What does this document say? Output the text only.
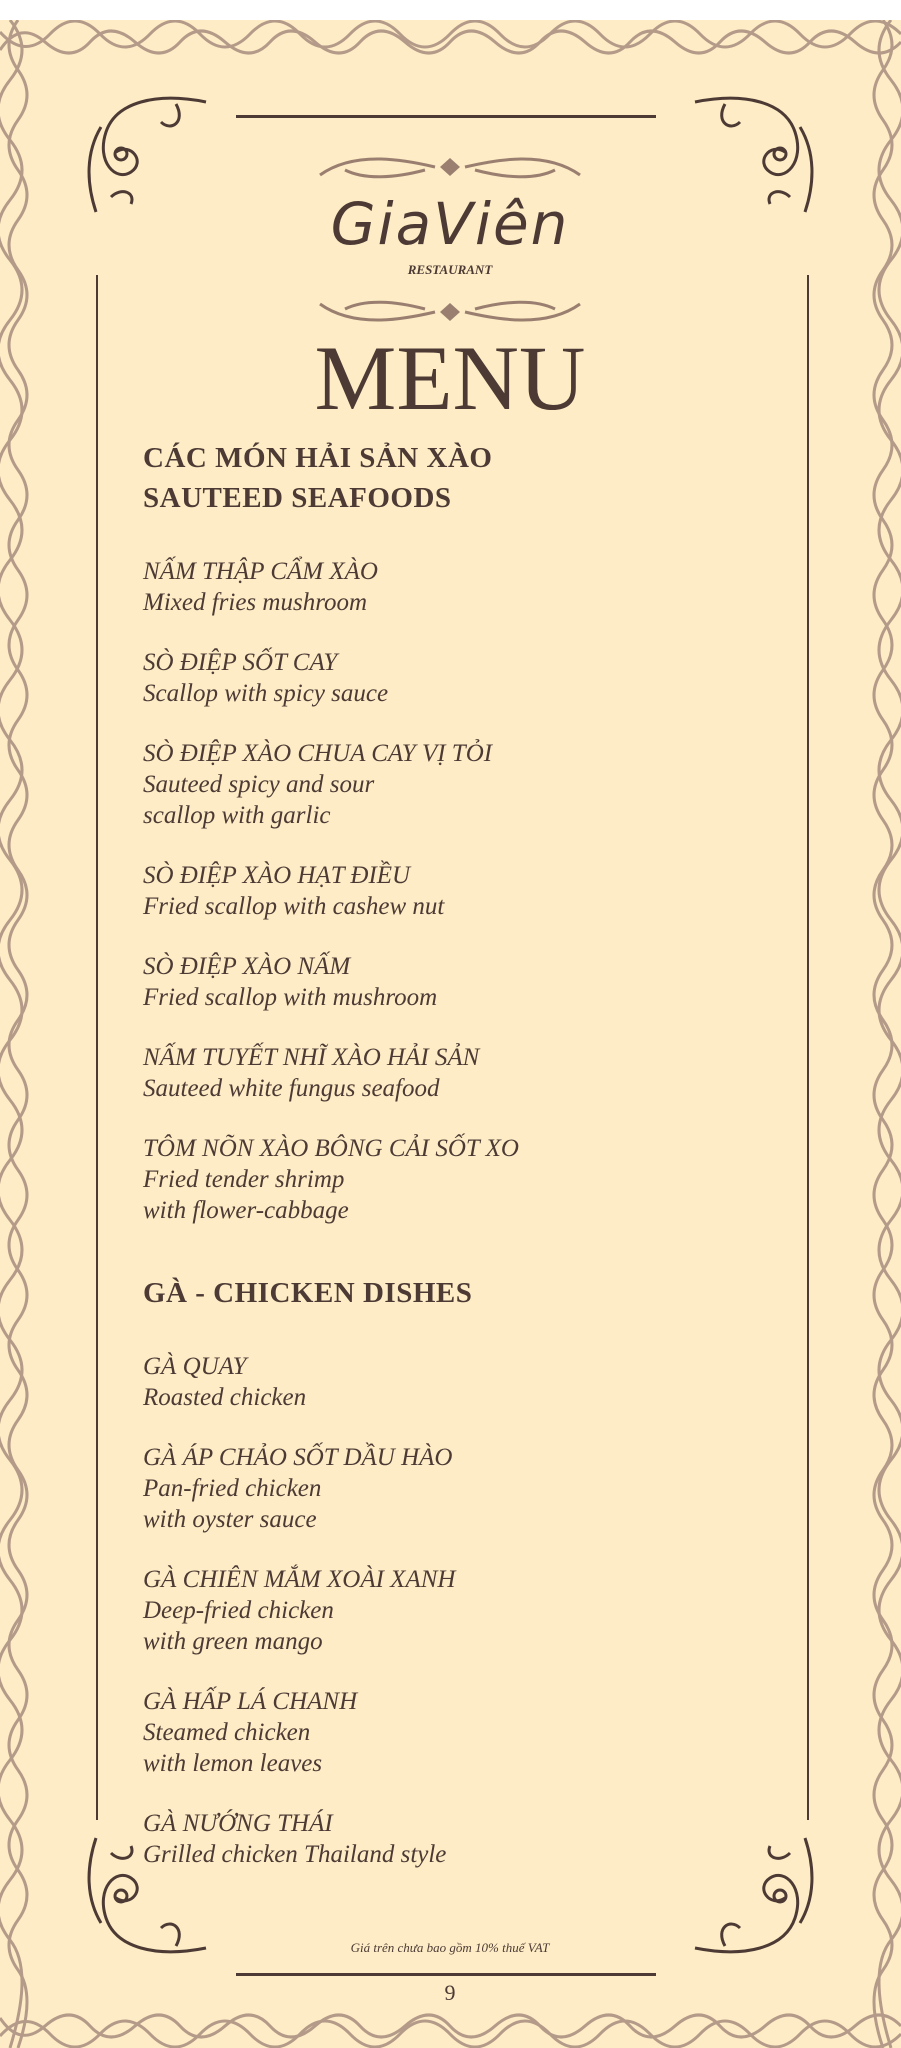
GiaViên
RESTAURANT
MENU
CÁC MÓN HẢI SẢN XÀO
SAUTEED SEAFOODS
NẤM THẬP CẨM XÀO
Mixed fries mushroom
SÒ ĐIỆP SỐT CAY
Scallop with spicy sauce
SÒ ĐIỆP XÀO CHUA CAY VỊ TỎI
Sauteed spicy and sour
scallop with garlic
SÒ ĐIỆP XÀO HẠT ĐIỀU
Fried scallop with cashew nut
SÒ ĐIỆP XÀO NẤM
Fried scallop with mushroom
NẤM TUYẾT NHĨ XÀO HẢI SẢN
Sauteed white fungus seafood
TÔM NÕN XÀO BÔNG CẢI SỐT XO
Fried tender shrimp
with flower-cabbage
GÀ - CHICKEN DISHES
GÀ QUAY
Roasted chicken
GÀ ÁP CHẢO SỐT DẦU HÀO
Pan-fried chicken
with oyster sauce
GÀ CHIÊN MẮM XOÀI XANH
Deep-fried chicken
with green mango
GÀ HẤP LÁ CHANH
Steamed chicken
with lemon leaves
GÀ NƯỚNG THÁI
Grilled chicken Thailand style
Giá trên chưa bao gồm 10% thuế VAT
9
